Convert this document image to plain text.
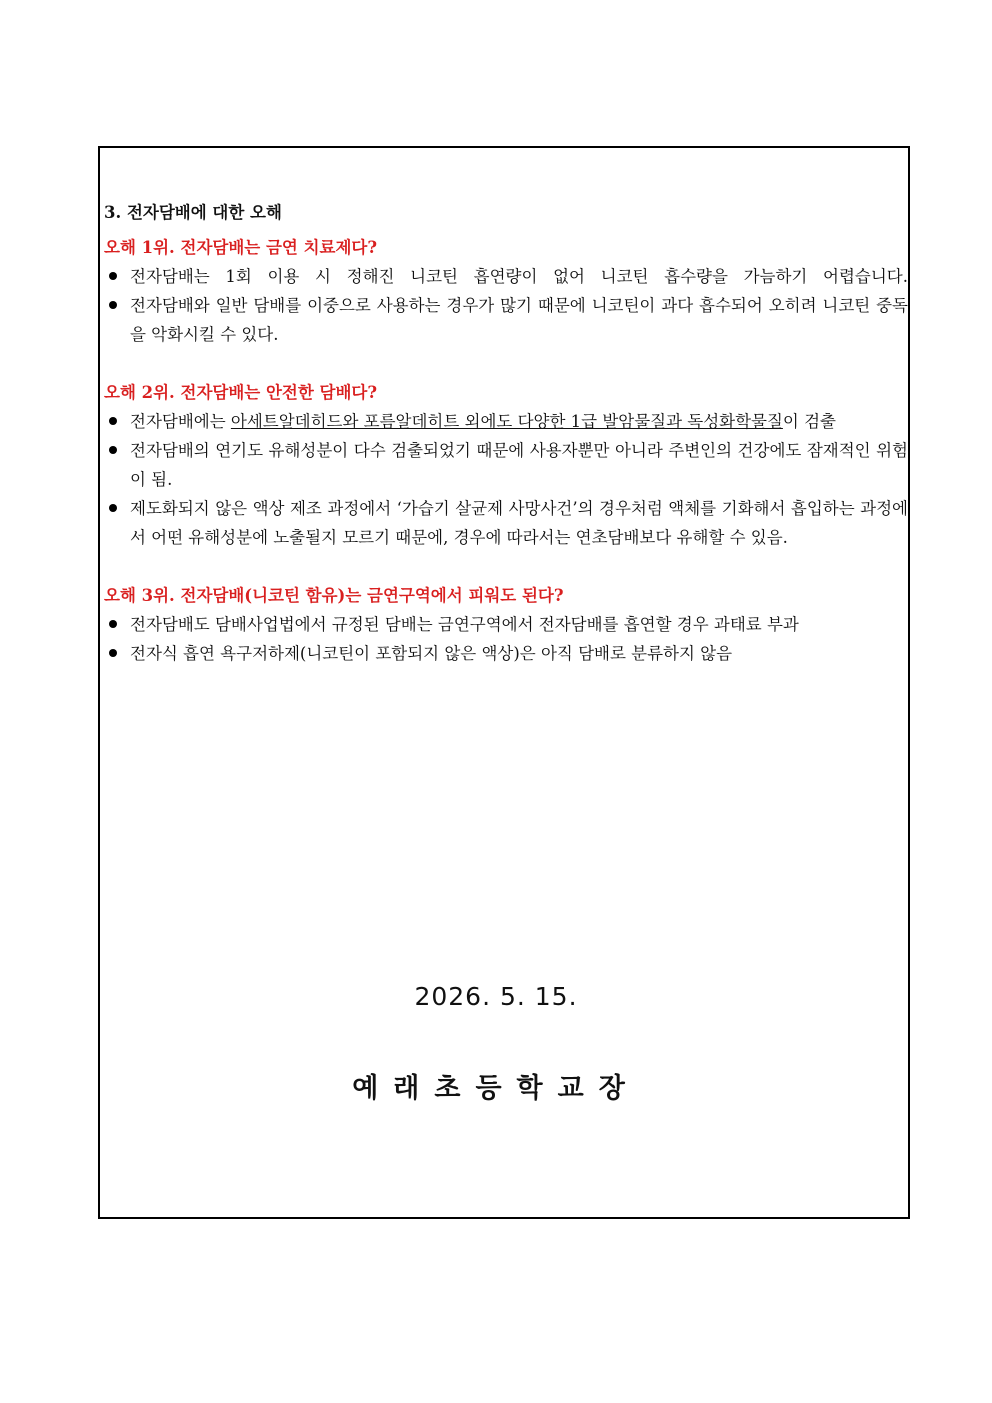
3. 전자담배에 대한 오해

오해 1위. 전자담배는 금연 치료제다?

전자담배는 1회 이용 시 정해진 니코틴 흡연량이 없어 니코틴 흡수량을 가늠하기 어렵습니다.
전자담배와 일반 담배를 이중으로 사용하는 경우가 많기 때문에 니코틴이 과다 흡수되어 오히려 니코틴 중독을 악화시킬 수 있다.

오해 2위. 전자담배는 안전한 담배다?

전자담배에는 아세트알데히드와 포름알데히트 외에도 다양한 1급 발암물질과 독성화학물질이 검출
전자담배의 연기도 유해성분이 다수 검출되었기 때문에 사용자뿐만 아니라 주변인의 건강에도 잠재적인 위험이 됨.
제도화되지 않은 액상 제조 과정에서 ‘가습기 살균제 사망사건’의 경우처럼 액체를 기화해서 흡입하는 과정에서 어떤 유해성분에 노출될지 모르기 때문에, 경우에 따라서는 연초담배보다 유해할 수 있음.

오해 3위. 전자담배(니코틴 함유)는 금연구역에서 피워도 된다?

전자담배도 담배사업법에서 규정된 담배는 금연구역에서 전자담배를 흡연할 경우 과태료 부과
전자식 흡연 욕구저하제(니코틴이 포함되지 않은 액상)은 아직 담배로 분류하지 않음
2026. 5. 15.
예래초등학교장
